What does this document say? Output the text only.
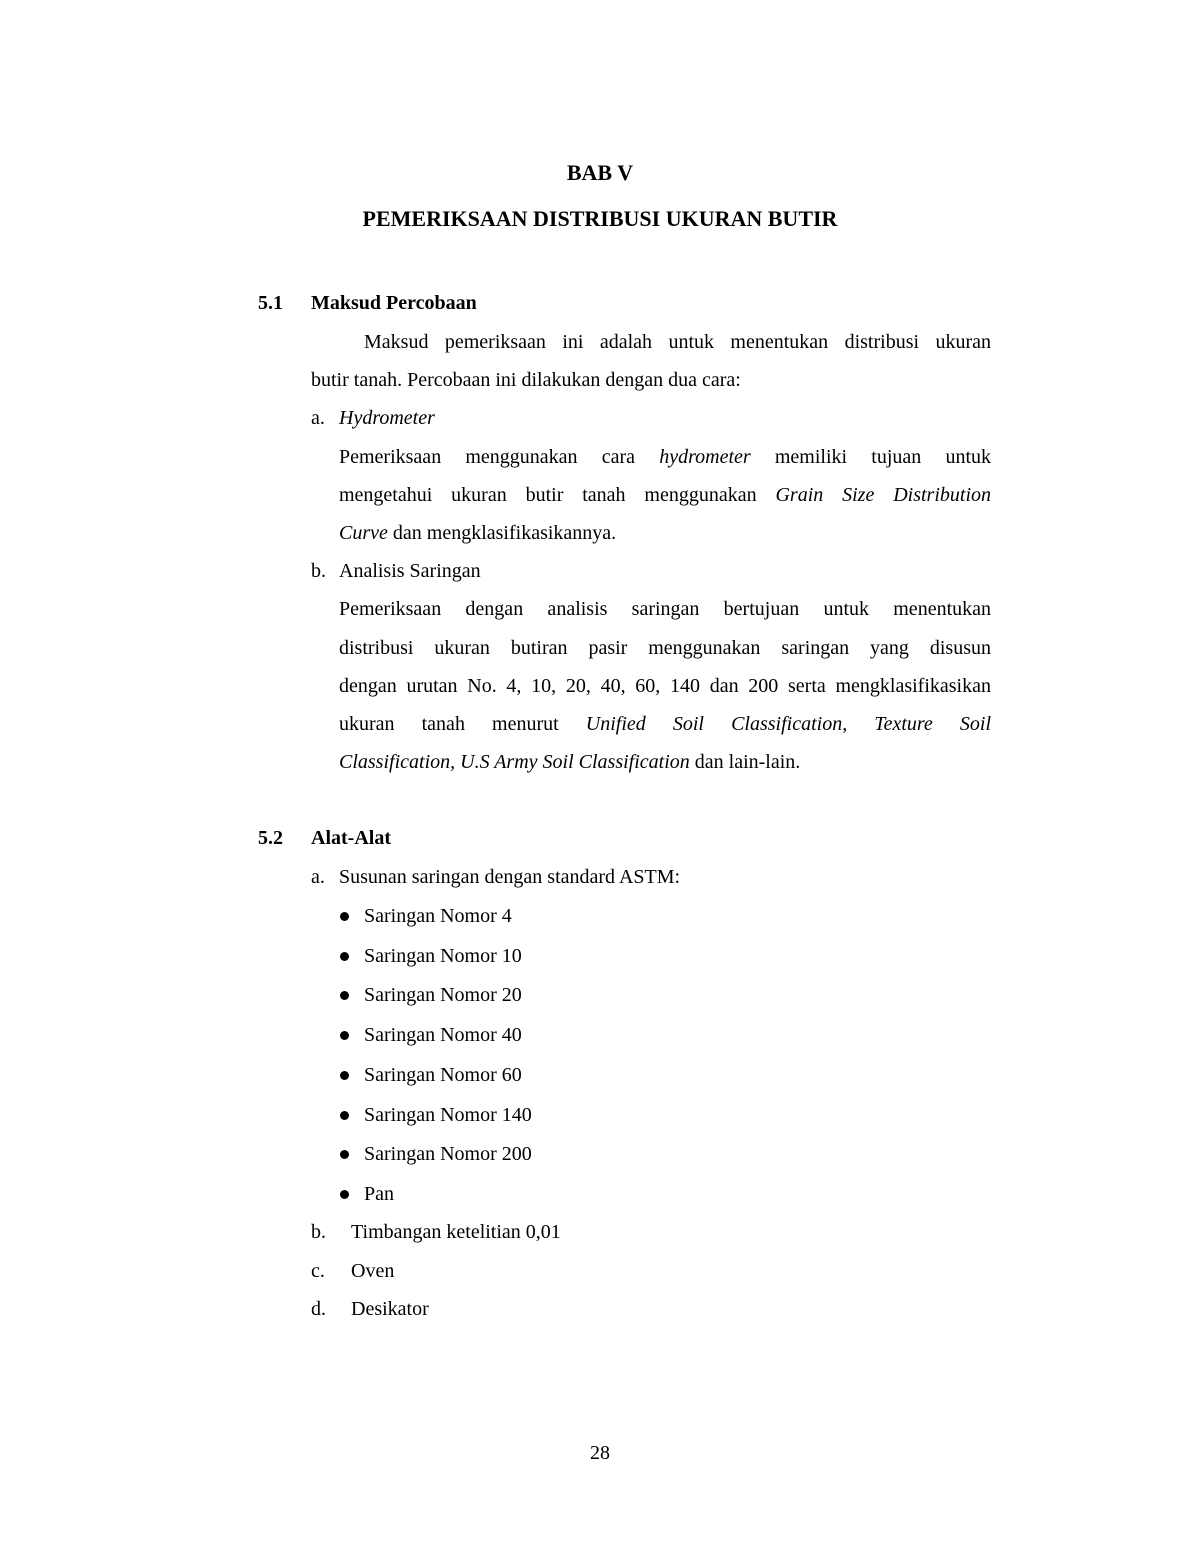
BAB V
PEMERIKSAAN DISTRIBUSI UKURAN BUTIR
5.1 Maksud Percobaan
Maksud pemeriksaan ini adalah untuk menentukan distribusi ukuran
butir tanah. Percobaan ini dilakukan dengan dua cara:
a. Hydrometer
Pemeriksaan menggunakan cara hydrometer memiliki tujuan untuk
mengetahui ukuran butir tanah menggunakan Grain Size Distribution
Curve dan mengklasifikasikannya.
b. Analisis Saringan
Pemeriksaan dengan analisis saringan bertujuan untuk menentukan
distribusi ukuran butiran pasir menggunakan saringan yang disusun
dengan urutan No. 4, 10, 20, 40, 60, 140 dan 200 serta mengklasifikasikan
ukuran tanah menurut Unified Soil Classification, Texture Soil
Classification, U.S Army Soil Classification dan lain-lain.
5.2 Alat-Alat
a. Susunan saringan dengan standard ASTM:
Saringan Nomor 4
Saringan Nomor 10
Saringan Nomor 20
Saringan Nomor 40
Saringan Nomor 60
Saringan Nomor 140
Saringan Nomor 200
Pan
b. Timbangan ketelitian 0,01
c. Oven
d. Desikator
28
